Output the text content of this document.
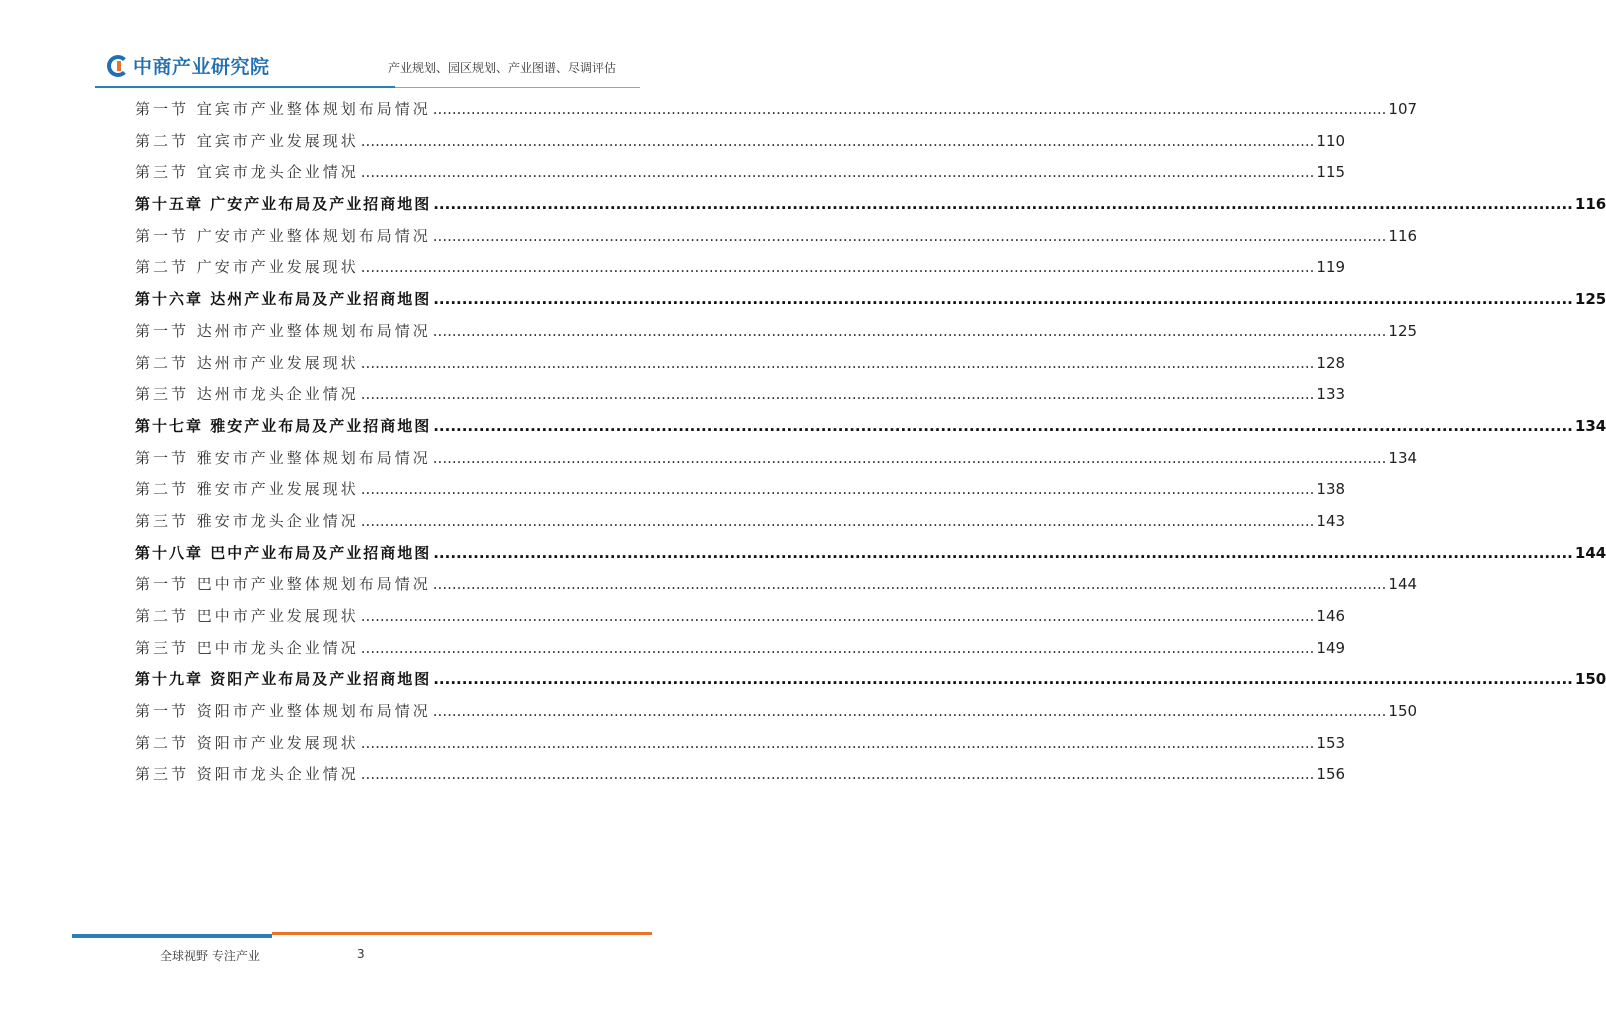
中商产业研究院	产业规划、园区规划、产业图谱、尽调评估
第一节 宜宾市产业整体规划布局情况 ........................................................................................................................................................................................................ 107
第二节 宜宾市产业发展现状 ........................................................................................................................................................................................................ 110
第三节 宜宾市龙头企业情况 ........................................................................................................................................................................................................ 115
第十五章 广安产业布局及产业招商地图 ........................................................................................................................................................................................................ 116
第一节 广安市产业整体规划布局情况 ........................................................................................................................................................................................................ 116
第二节 广安市产业发展现状 ........................................................................................................................................................................................................ 119
第十六章 达州产业布局及产业招商地图 ........................................................................................................................................................................................................ 125
第一节 达州市产业整体规划布局情况 ........................................................................................................................................................................................................ 125
第二节 达州市产业发展现状 ........................................................................................................................................................................................................ 128
第三节 达州市龙头企业情况 ........................................................................................................................................................................................................ 133
第十七章 雅安产业布局及产业招商地图 ........................................................................................................................................................................................................ 134
第一节 雅安市产业整体规划布局情况 ........................................................................................................................................................................................................ 134
第二节 雅安市产业发展现状 ........................................................................................................................................................................................................ 138
第三节 雅安市龙头企业情况 ........................................................................................................................................................................................................ 143
第十八章 巴中产业布局及产业招商地图 ........................................................................................................................................................................................................ 144
第一节 巴中市产业整体规划布局情况 ........................................................................................................................................................................................................ 144
第二节 巴中市产业发展现状 ........................................................................................................................................................................................................ 146
第三节 巴中市龙头企业情况 ........................................................................................................................................................................................................ 149
第十九章 资阳产业布局及产业招商地图 ........................................................................................................................................................................................................ 150
第一节 资阳市产业整体规划布局情况 ........................................................................................................................................................................................................ 150
第二节 资阳市产业发展现状 ........................................................................................................................................................................................................ 153
第三节 资阳市龙头企业情况 ........................................................................................................................................................................................................ 156
全球视野 专注产业	3
